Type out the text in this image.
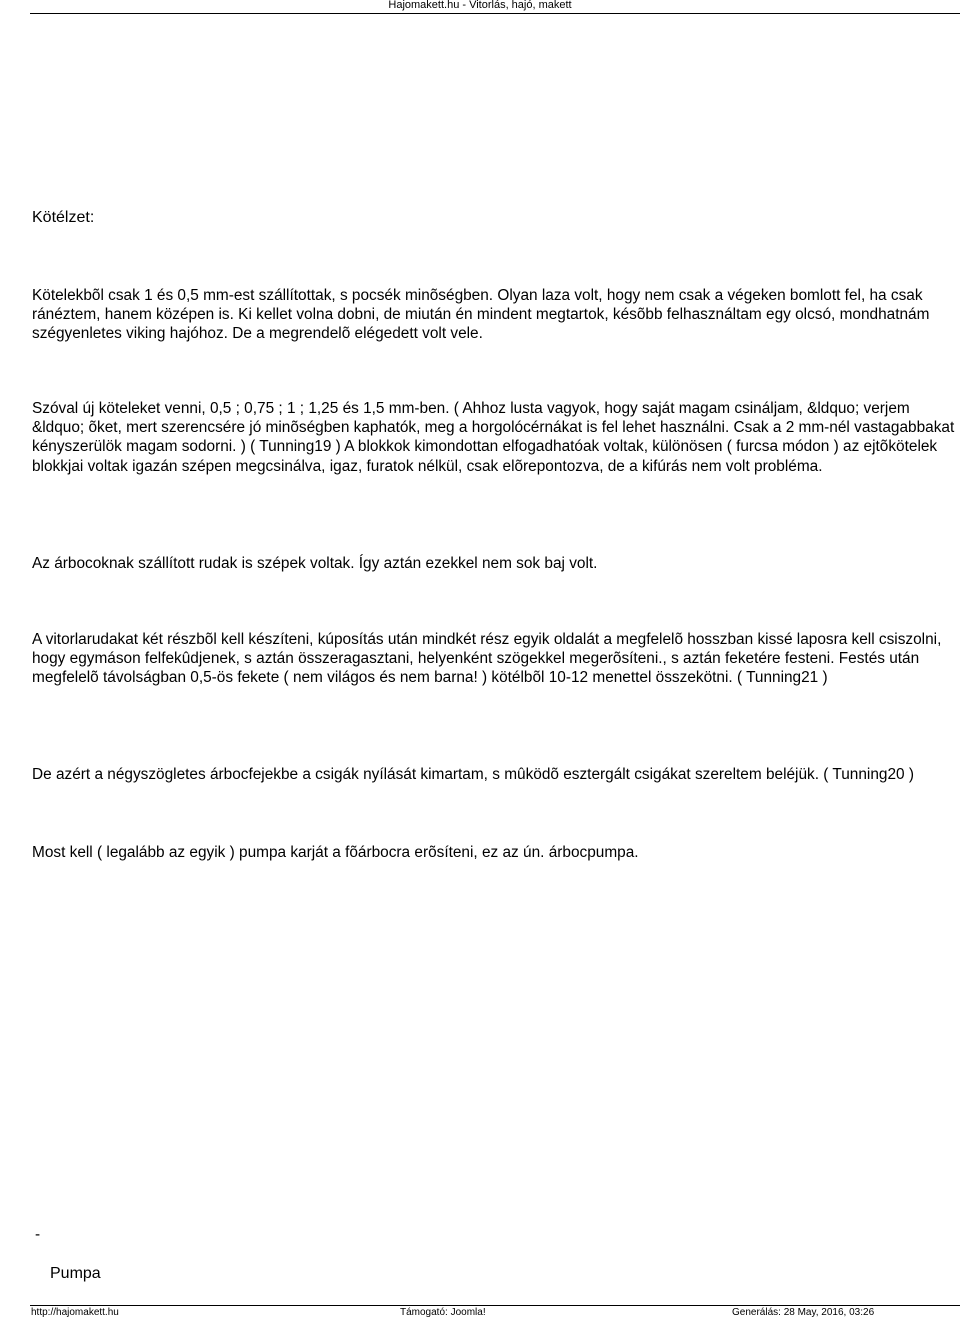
Hajomakett.hu - Vitorlás, hajó, makett

Kötélzet:

Kötelekbõl csak 1 és 0,5 mm-est szállítottak, s pocsék minõségben. Olyan laza volt, hogy nem csak a végeken bomlott fel, ha csak ránéztem, hanem középen is. Ki kellet volna dobni, de miután én mindent megtartok, késõbb felhasználtam egy olcsó, mondhatnám szégyenletes viking hajóhoz. De a megrendelõ elégedett volt vele.

Szóval új köteleket venni, 0,5 ; 0,75 ; 1 ; 1,25 és 1,5 mm-ben. ( Ahhoz lusta vagyok, hogy saját magam csináljam, &ldquo; verjem &ldquo; õket, mert szerencsére jó minõségben kaphatók, meg a horgolócérnákat is fel lehet használni. Csak a 2 mm-nél vastagabbakat kényszerülök magam sodorni. ) ( Tunning19 ) A blokkok kimondottan elfogadhatóak voltak, különösen ( furcsa módon ) az ejtõkötelek blokkjai voltak igazán szépen megcsinálva, igaz, furatok nélkül, csak elõrepontozva, de a kifúrás nem volt probléma.

Az árbocoknak szállított rudak is szépek voltak. Így aztán ezekkel nem sok baj volt.

A vitorlarudakat két részbõl kell készíteni, kúposítás után mindkét rész egyik oldalát a megfelelõ hosszban kissé laposra kell csiszolni, hogy egymáson felfekûdjenek, s aztán összeragasztani, helyenként szögekkel megerõsíteni., s aztán feketére festeni. Festés után megfelelõ távolságban 0,5-ös fekete ( nem világos és nem barna! ) kötélbõl 10-12 menettel összekötni. ( Tunning21 )

De azért a négyszögletes árbocfejekbe a csigák nyílását kimartam, s mûködõ esztergált csigákat szereltem beléjük. ( Tunning20 )

Most kell ( legalább az egyik ) pumpa karját a fõárbocra erõsíteni, ez az ún. árbocpumpa.

-
Pumpa
http://hajomakett.hu	Támogató: Joomla!	Generálás: 28 May, 2016, 03:26
